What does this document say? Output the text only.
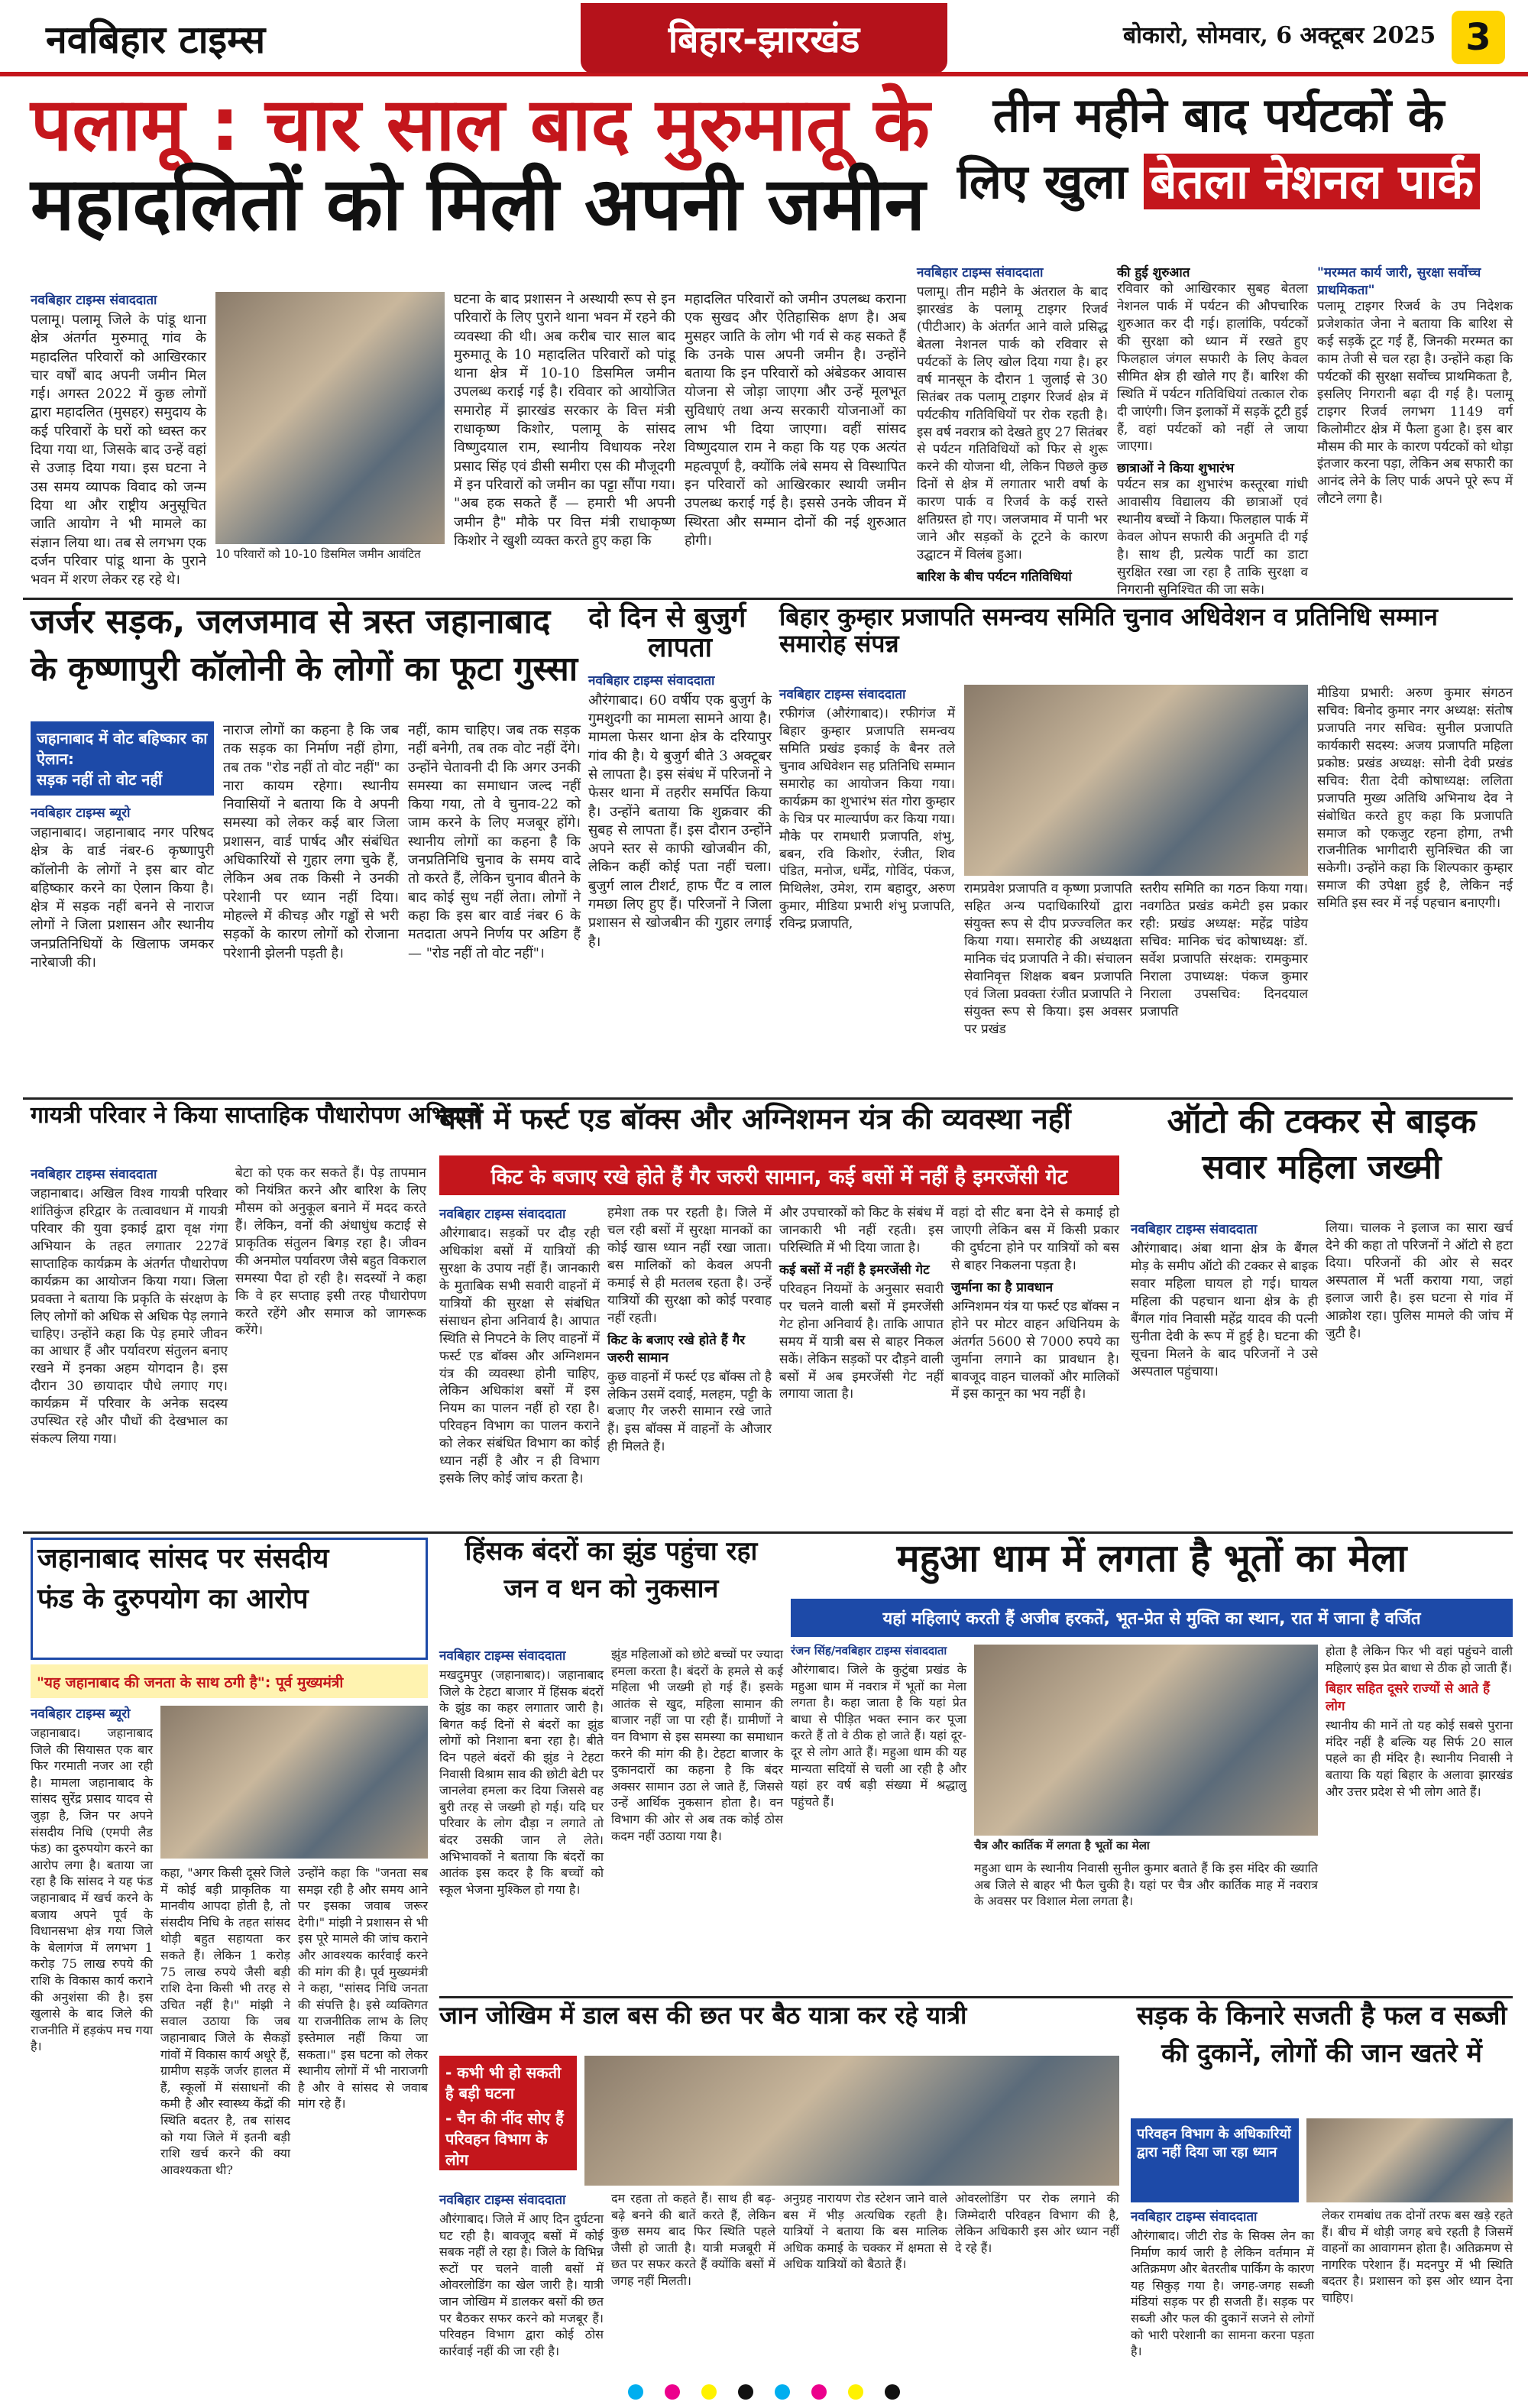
नवबिहार टाइम्स	बिहार-झारखंड	बोकारो, सोमवार, 6 अक्टूबर 2025 3
पलामू : चार साल बाद मुरुमातू के
महादलितों को मिली अपनी जमीन
नवबिहार टाइम्स संवाददाता
पलामू। पलामू जिले के पांडू थाना क्षेत्र अंतर्गत मुरुमातू गांव के महादलित परिवारों को आखिरकार चार वर्षों बाद अपनी जमीन मिल गई। अगस्त 2022 में कुछ लोगों द्वारा महादलित (मुसहर) समुदाय के कई परिवारों के घरों को ध्वस्त कर दिया गया था, जिसके बाद उन्हें वहां से उजाड़ दिया गया। इस घटना ने उस समय व्यापक विवाद को जन्म दिया था और राष्ट्रीय अनुसूचित जाति आयोग ने भी मामले का संज्ञान लिया था। तब से लगभग एक दर्जन परिवार पांडू थाना के पुराने भवन में शरण लेकर रह रहे थे।
10 परिवारों को 10-10 डिसमिल जमीन आवंटित
घटना के बाद प्रशासन ने अस्थायी रूप से इन परिवारों के लिए पुराने थाना भवन में रहने की व्यवस्था की थी। अब करीब चार साल बाद मुरुमातू के 10 महादलित परिवारों को पांडू थाना क्षेत्र में 10-10 डिसमिल जमीन उपलब्ध कराई गई है। रविवार को आयोजित समारोह में झारखंड सरकार के वित्त मंत्री राधाकृष्ण किशोर, पलामू के सांसद विष्णुदयाल राम, स्थानीय विधायक नरेश प्रसाद सिंह एवं डीसी समीरा एस की मौजूदगी में इन परिवारों को जमीन का पट्टा सौंपा गया। "अब हक सकते हैं — हमारी भी अपनी जमीन है" मौके पर वित्त मंत्री राधाकृष्ण किशोर ने खुशी व्यक्त करते हुए कहा कि
महादलित परिवारों को जमीन उपलब्ध कराना एक सुखद और ऐतिहासिक क्षण है। अब मुसहर जाति के लोग भी गर्व से कह सकते हैं कि उनके पास अपनी जमीन है। उन्होंने बताया कि इन परिवारों को अंबेडकर आवास योजना से जोड़ा जाएगा और उन्हें मूलभूत सुविधाएं तथा अन्य सरकारी योजनाओं का लाभ भी दिया जाएगा। वहीं सांसद विष्णुदयाल राम ने कहा कि यह एक अत्यंत महत्वपूर्ण है, क्योंकि लंबे समय से विस्थापित इन परिवारों को आखिरकार स्थायी जमीन उपलब्ध कराई गई है। इससे उनके जीवन में स्थिरता और सम्मान दोनों की नई शुरुआत होगी।
तीन महीने बाद पर्यटकों के
लिए खुला बेतला नेशनल पार्क
नवबिहार टाइम्स संवाददाता
पलामू। तीन महीने के अंतराल के बाद झारखंड के पलामू टाइगर रिजर्व (पीटीआर) के अंतर्गत आने वाले प्रसिद्ध बेतला नेशनल पार्क को रविवार से पर्यटकों के लिए खोल दिया गया है। हर वर्ष मानसून के दौरान 1 जुलाई से 30 सितंबर तक पलामू टाइगर रिजर्व क्षेत्र में पर्यटकीय गतिविधियों पर रोक रहती है। इस वर्ष नवरात्र को देखते हुए 27 सितंबर से पर्यटन गतिविधियों को फिर से शुरू करने की योजना थी, लेकिन पिछले कुछ दिनों से क्षेत्र में लगातार भारी वर्षा के कारण पार्क व रिजर्व के कई रास्ते क्षतिग्रस्त हो गए। जलजमाव में पानी भर जाने और सड़कों के टूटने के कारण उद्घाटन में विलंब हुआ।
बारिश के बीच पर्यटन गतिविधियां
की हुई शुरुआत
रविवार को आखिरकार सुबह बेतला नेशनल पार्क में पर्यटन की औपचारिक शुरुआत कर दी गई। हालांकि, पर्यटकों की सुरक्षा को ध्यान में रखते हुए फिलहाल जंगल सफारी के लिए केवल सीमित क्षेत्र ही खोले गए हैं। बारिश की स्थिति में पर्यटन गतिविधियां तत्काल रोक दी जाएंगी। जिन इलाकों में सड़कें टूटी हुई हैं, वहां पर्यटकों को नहीं ले जाया जाएगा।
छात्राओं ने किया शुभारंभ
पर्यटन सत्र का शुभारंभ कस्तूरबा गांधी आवासीय विद्यालय की छात्राओं एवं स्थानीय बच्चों ने किया। फिलहाल पार्क में केवल ओपन सफारी की अनुमति दी गई है। साथ ही, प्रत्येक पार्टी का डाटा सुरक्षित रखा जा रहा है ताकि सुरक्षा व निगरानी सुनिश्चित की जा सके।
"मरम्मत कार्य जारी, सुरक्षा सर्वोच्च प्राथमिकता"
पलामू टाइगर रिजर्व के उप निदेशक प्रजेशकांत जेना ने बताया कि बारिश से कई सड़कें टूट गई हैं, जिनकी मरम्मत का काम तेजी से चल रहा है। उन्होंने कहा कि पर्यटकों की सुरक्षा सर्वोच्च प्राथमिकता है, इसलिए निगरानी बढ़ा दी गई है। पलामू टाइगर रिजर्व लगभग 1149 वर्ग किलोमीटर क्षेत्र में फैला हुआ है। इस बार मौसम की मार के कारण पर्यटकों को थोड़ा इंतजार करना पड़ा, लेकिन अब सफारी का आनंद लेने के लिए पार्क अपने पूरे रूप में लौटने लगा है।
जर्जर सड़क, जलजमाव से त्रस्त जहानाबाद
के कृष्णापुरी कॉलोनी के लोगों का फूटा गुस्सा
जहानाबाद में वोट बहिष्कार का ऐलान:
सड़क नहीं तो वोट नहीं
नवबिहार टाइम्स ब्यूरो
जहानाबाद। जहानाबाद नगर परिषद क्षेत्र के वार्ड नंबर-6 कृष्णापुरी कॉलोनी के लोगों ने इस बार वोट बहिष्कार करने का ऐलान किया है। क्षेत्र में सड़क नहीं बनने से नाराज लोगों ने जिला प्रशासन और स्थानीय जनप्रतिनिधियों के खिलाफ जमकर नारेबाजी की।
नाराज लोगों का कहना है कि जब तक सड़क का निर्माण नहीं होगा, तब तक "रोड नहीं तो वोट नहीं" का नारा कायम रहेगा। स्थानीय निवासियों ने बताया कि वे अपनी समस्या को लेकर कई बार जिला प्रशासन, वार्ड पार्षद और संबंधित अधिकारियों से गुहार लगा चुके हैं, लेकिन अब तक किसी ने उनकी परेशानी पर ध्यान नहीं दिया। मोहल्ले में कीचड़ और गड्ढों से भरी सड़कों के कारण लोगों को रोजाना परेशानी झेलनी पड़ती है।
नहीं, काम चाहिए। जब तक सड़क नहीं बनेगी, तब तक वोट नहीं देंगे। उन्होंने चेतावनी दी कि अगर उनकी समस्या का समाधान जल्द नहीं किया गया, तो वे चुनाव-22 को जाम करने के लिए मजबूर होंगे। स्थानीय लोगों का कहना है कि जनप्रतिनिधि चुनाव के समय वादे तो करते हैं, लेकिन चुनाव बीतने के बाद कोई सुध नहीं लेता। लोगों ने कहा कि इस बार वार्ड नंबर 6 के मतदाता अपने निर्णय पर अडिग हैं — "रोड नहीं तो वोट नहीं"।
दो दिन से बुजुर्ग
लापता
नवबिहार टाइम्स संवाददाता
औरंगाबाद। 60 वर्षीय एक बुजुर्ग के गुमशुदगी का मामला सामने आया है। मामला फेसर थाना क्षेत्र के दरियापुर गांव की है। ये बुजुर्ग बीते 3 अक्टूबर से लापता है। इस संबंध में परिजनों ने फेसर थाना में तहरीर समर्पित किया है। उन्होंने बताया कि शुक्रवार की सुबह से लापता हैं। इस दौरान उन्होंने अपने स्तर से काफी खोजबीन की, लेकिन कहीं कोई पता नहीं चला। बुजुर्ग लाल टीशर्ट, हाफ पैंट व लाल गमछा लिए हुए हैं। परिजनों ने जिला प्रशासन से खोजबीन की गुहार लगाई है।
बिहार कुम्हार प्रजापति समन्वय समिति चुनाव अधिवेशन व प्रतिनिधि सम्मान समारोह संपन्न
नवबिहार टाइम्स संवाददाता
रफीगंज (औरंगाबाद)। रफीगंज में बिहार कुम्हार प्रजापति समन्वय समिति प्रखंड इकाई के बैनर तले चुनाव अधिवेशन सह प्रतिनिधि सम्मान समारोह का आयोजन किया गया। कार्यक्रम का शुभारंभ संत गोरा कुम्हार के चित्र पर माल्यार्पण कर किया गया। मौके पर रामधारी प्रजापति, शंभु, बबन, रवि किशोर, रंजीत, शिव पंडित, मनोज, धर्मेंद्र, गोविंद, पंकज, मिथिलेश, उमेश, राम बहादुर, अरुण कुमार, मीडिया प्रभारी शंभु प्रजापति, रविन्द्र प्रजापति,
रामप्रवेश प्रजापति व कृष्णा प्रजापति सहित अन्य पदाधिकारियों द्वारा संयुक्त रूप से दीप प्रज्ज्वलित कर किया गया। समारोह की अध्यक्षता मानिक चंद प्रजापति ने की। संचालन सेवानिवृत्त शिक्षक बबन प्रजापति एवं जिला प्रवक्ता रंजीत प्रजापति ने संयुक्त रूप से किया। इस अवसर पर प्रखंड
स्तरीय समिति का गठन किया गया। नवगठित प्रखंड कमेटी इस प्रकार रही: प्रखंड अध्यक्ष: महेंद्र पांडेय सचिव: मानिक चंद कोषाध्यक्ष: डॉ. सर्वेश प्रजापति संरक्षक: रामकुमार निराला उपाध्यक्ष: पंकज कुमार निराला उपसचिव: दिनदयाल प्रजापति
मीडिया प्रभारी: अरुण कुमार संगठन सचिव: बिनोद कुमार नगर अध्यक्ष: संतोष प्रजापति नगर सचिव: सुनील प्रजापति कार्यकारी सदस्य: अजय प्रजापति महिला प्रकोष्ठ: प्रखंड अध्यक्ष: सोनी देवी प्रखंड सचिव: रीता देवी कोषाध्यक्ष: ललिता प्रजापति मुख्य अतिथि अभिनाथ देव ने संबोधित करते हुए कहा कि प्रजापति समाज को एकजुट रहना होगा, तभी राजनीतिक भागीदारी सुनिश्चित की जा सकेगी। उन्होंने कहा कि शिल्पकार कुम्हार समाज की उपेक्षा हुई है, लेकिन नई समिति इस स्वर में नई पहचान बनाएगी।
गायत्री परिवार ने किया साप्ताहिक पौधारोपण अभियान
नवबिहार टाइम्स संवाददाता
जहानाबाद। अखिल विश्व गायत्री परिवार शांतिकुंज हरिद्वार के तत्वावधान में गायत्री परिवार की युवा इकाई द्वारा वृक्ष गंगा अभियान के तहत लगातार 227वें साप्ताहिक कार्यक्रम के अंतर्गत पौधारोपण कार्यक्रम का आयोजन किया गया। जिला प्रवक्ता ने बताया कि प्रकृति के संरक्षण के लिए लोगों को अधिक से अधिक पेड़ लगाने चाहिए। उन्होंने कहा कि पेड़ हमारे जीवन का आधार हैं और पर्यावरण संतुलन बनाए रखने में इनका अहम योगदान है। इस दौरान 30 छायादार पौधे लगाए गए। कार्यक्रम में परिवार के अनेक सदस्य उपस्थित रहे और पौधों की देखभाल का संकल्प लिया गया।
बेटा को एक कर सकते हैं। पेड़ तापमान को नियंत्रित करने और बारिश के लिए मौसम को अनुकूल बनाने में मदद करते हैं। लेकिन, वनों की अंधाधुंध कटाई से प्राकृतिक संतुलन बिगड़ रहा है। जीवन की अनमोल पर्यावरण जैसे बहुत विकराल समस्या पैदा हो रही है। सदस्यों ने कहा कि वे हर सप्ताह इसी तरह पौधारोपण करते रहेंगे और समाज को जागरूक करेंगे।
बसों में फर्स्ट एड बॉक्स और अग्निशमन यंत्र की व्यवस्था नहीं
किट के बजाए रखे होते हैं गैर जरुरी सामान, कई बसों में नहीं है इमरजेंसी गेट
नवबिहार टाइम्स संवाददाता
औरंगाबाद। सड़कों पर दौड़ रही अधिकांश बसों में यात्रियों की सुरक्षा के उपाय नहीं हैं। जानकारी के मुताबिक सभी सवारी वाहनों में यात्रियों की सुरक्षा से संबंधित संसाधन होना अनिवार्य है। आपात स्थिति से निपटने के लिए वाहनों में फर्स्ट एड बॉक्स और अग्निशमन यंत्र की व्यवस्था होनी चाहिए, लेकिन अधिकांश बसों में इस नियम का पालन नहीं हो रहा है। परिवहन विभाग का पालन कराने को लेकर संबंधित विभाग का कोई ध्यान नहीं है और न ही विभाग इसके लिए कोई जांच करता है।
हमेशा तक पर रहती है। जिले में चल रही बसों में सुरक्षा मानकों का कोई खास ध्यान नहीं रखा जाता। बस मालिकों को केवल अपनी कमाई से ही मतलब रहता है। उन्हें यात्रियों की सुरक्षा को कोई परवाह नहीं रहती।
किट के बजाए रखे होते हैं गैर जरुरी सामान
कुछ वाहनों में फर्स्ट एड बॉक्स तो है लेकिन उसमें दवाई, मलहम, पट्टी के बजाए गैर जरुरी सामान रखे जाते हैं। इस बॉक्स में वाहनों के औजार ही मिलते हैं।
और उपचारकों को किट के संबंध में जानकारी भी नहीं रहती। इस परिस्थिति में भी दिया जाता है।
कई बसों में नहीं है इमरजेंसी गेट
परिवहन नियमों के अनुसार सवारी पर चलने वाली बसों में इमरजेंसी गेट होना अनिवार्य है। ताकि आपात समय में यात्री बस से बाहर निकल सकें। लेकिन सड़कों पर दौड़ने वाली बसों में अब इमरजेंसी गेट नहीं लगाया जाता है।
वहां दो सीट बना देने से कमाई हो जाएगी लेकिन बस में किसी प्रकार की दुर्घटना होने पर यात्रियों को बस से बाहर निकलना पड़ता है।
जुर्माना का है प्रावधान
अग्निशमन यंत्र या फर्स्ट एड बॉक्स न होने पर मोटर वाहन अधिनियम के अंतर्गत 5600 से 7000 रुपये का जुर्माना लगाने का प्रावधान है। बावजूद वाहन चालकों और मालिकों में इस कानून का भय नहीं है।
ऑटो की टक्कर से बाइक
सवार महिला जख्मी
नवबिहार टाइम्स संवाददाता
औरंगाबाद। अंबा थाना क्षेत्र के बैंगल मोड़ के समीप ऑटो की टक्कर से बाइक सवार महिला घायल हो गई। घायल महिला की पहचान थाना क्षेत्र के ही बैंगल गांव निवासी महेंद्र यादव की पत्नी सुनीता देवी के रूप में हुई है। घटना की सूचना मिलने के बाद परिजनों ने उसे अस्पताल पहुंचाया।
लिया। चालक ने इलाज का सारा खर्च देने की कहा तो परिजनों ने ऑटो से हटा दिया। परिजनों की ओर से सदर अस्पताल में भर्ती कराया गया, जहां इलाज जारी है। इस घटना से गांव में आक्रोश रहा। पुलिस मामले की जांच में जुटी है।
जहानाबाद सांसद पर संसदीय
फंड के दुरुपयोग का आरोप
"यह जहानाबाद की जनता के साथ ठगी है": पूर्व मुख्यमंत्री
नवबिहार टाइम्स ब्यूरो
जहानाबाद। जहानाबाद जिले की सियासत एक बार फिर गरमाती नजर आ रही है। मामला जहानाबाद के सांसद सुरेंद्र प्रसाद यादव से जुड़ा है, जिन पर अपने संसदीय निधि (एमपी लैड फंड) का दुरुपयोग करने का आरोप लगा है। बताया जा रहा है कि सांसद ने यह फंड जहानाबाद में खर्च करने के बजाय अपने पूर्व के विधानसभा क्षेत्र गया जिले के बेलागंज में लगभग 1 करोड़ 75 लाख रुपये की राशि के विकास कार्य कराने की अनुशंसा की है। इस खुलासे के बाद जिले की राजनीति में हड़कंप मच गया है।
कहा, "अगर किसी दूसरे जिले में कोई बड़ी प्राकृतिक या मानवीय आपदा होती है, तो संसदीय निधि के तहत सांसद थोड़ी बहुत सहायता कर सकते हैं। लेकिन 1 करोड़ 75 लाख रुपये जैसी बड़ी राशि देना किसी भी तरह से उचित नहीं है।" मांझी ने सवाल उठाया कि जब जहानाबाद जिले के सैकड़ों गांवों में विकास कार्य अधूरे हैं, ग्रामीण सड़कें जर्जर हालत में हैं, स्कूलों में संसाधनों की कमी है और स्वास्थ्य केंद्रों की स्थिति बदतर है, तब सांसद को गया जिले में इतनी बड़ी राशि खर्च करने की क्या आवश्यकता थी?
उन्होंने कहा कि "जनता सब समझ रही है और समय आने पर इसका जवाब जरूर देगी।" मांझी ने प्रशासन से भी इस पूरे मामले की जांच कराने और आवश्यक कार्रवाई करने की मांग की है। पूर्व मुख्यमंत्री ने कहा, "सांसद निधि जनता की संपत्ति है। इसे व्यक्तिगत या राजनीतिक लाभ के लिए इस्तेमाल नहीं किया जा सकता।" इस घटना को लेकर स्थानीय लोगों में भी नाराजगी है और वे सांसद से जवाब मांग रहे हैं।
हिंसक बंदरों का झुंड पहुंचा रहा
जन व धन को नुकसान
नवबिहार टाइम्स संवाददाता
मखदुमपुर (जहानाबाद)। जहानाबाद जिले के टेहटा बाजार में हिंसक बंदरों के झुंड का कहर लगातार जारी है। बिगत कई दिनों से बंदरों का झुंड लोगों को निशाना बना रहा है। बीते दिन पहले बंदरों की झुंड ने टेहटा निवासी विश्राम साव की छोटी बेटी पर जानलेवा हमला कर दिया जिससे वह बुरी तरह से जख्मी हो गई। यदि घर परिवार के लोग दौड़ा न लगाते तो बंदर उसकी जान ले लेते। अभिभावकों ने बताया कि बंदरों का आतंक इस कदर है कि बच्चों को स्कूल भेजना मुश्किल हो गया है।
झुंड महिलाओं को छोटे बच्चों पर ज्यादा हमला करता है। बंदरों के हमले से कई महिला भी जख्मी हो गई हैं। इसके आतंक से खुद, महिला सामान की बाजार नहीं जा पा रही हैं। ग्रामीणों ने वन विभाग से इस समस्या का समाधान करने की मांग की है। टेहटा बाजार के दुकानदारों का कहना है कि बंदर अक्सर सामान उठा ले जाते हैं, जिससे उन्हें आर्थिक नुकसान होता है। वन विभाग की ओर से अब तक कोई ठोस कदम नहीं उठाया गया है।
महुआ धाम में लगता है भूतों का मेला
यहां महिलाएं करती हैं अजीब हरकतें, भूत-प्रेत से मुक्ति का स्थान, रात में जाना है वर्जित
रंजन सिंह/नवबिहार टाइम्स संवाददाता
औरंगाबाद। जिले के कुटुंबा प्रखंड के महुआ धाम में नवरात्र में भूतों का मेला लगता है। कहा जाता है कि यहां प्रेत बाधा से पीड़ित भक्त स्नान कर पूजा करते हैं तो वे ठीक हो जाते हैं। यहां दूर-दूर से लोग आते हैं। महुआ धाम की यह मान्यता सदियों से चली आ रही है और यहां हर वर्ष बड़ी संख्या में श्रद्धालु पहुंचते हैं।
चैत्र और कार्तिक में लगता है भूतों का मेला
महुआ धाम के स्थानीय निवासी सुनील कुमार बताते हैं कि इस मंदिर की ख्याति अब जिले से बाहर भी फैल चुकी है। यहां पर चैत्र और कार्तिक माह में नवरात्र के अवसर पर विशाल मेला लगता है।
होता है लेकिन फिर भी वहां पहुंचने वाली महिलाएं इस प्रेत बाधा से ठीक हो जाती हैं।
बिहार सहित दूसरे राज्यों से आते हैं लोग
स्थानीय की मानें तो यह कोई सबसे पुराना मंदिर नहीं है बल्कि यह सिर्फ 20 साल पहले का ही मंदिर है। स्थानीय निवासी ने बताया कि यहां बिहार के अलावा झारखंड और उत्तर प्रदेश से भी लोग आते हैं।
जान जोखिम में डाल बस की छत पर बैठ यात्रा कर रहे यात्री
- कभी भी हो सकती है बड़ी घटना
- चैन की नींद सोए हैं परिवहन विभाग के लोग
नवबिहार टाइम्स संवाददाता
औरंगाबाद। जिले में आए दिन दुर्घटना घट रही है। बावजूद बसों में कोई सबक नहीं ले रहा है। जिले के विभिन्न रूटों पर चलने वाली बसों में ओवरलोडिंग का खेल जारी है। यात्री जान जोखिम में डालकर बसों की छत पर बैठकर सफर करने को मजबूर हैं। परिवहन विभाग द्वारा कोई ठोस कार्रवाई नहीं की जा रही है।
दम रहता तो कहते हैं। साथ ही बढ़-बढ़े बनने की बातें करते हैं, लेकिन कुछ समय बाद फिर स्थिति पहले जैसी हो जाती है। यात्री मजबूरी में छत पर सफर करते हैं क्योंकि बसों में जगह नहीं मिलती।
अनुग्रह नारायण रोड स्टेशन जाने वाले बस में भीड़ अत्यधिक रहती है। यात्रियों ने बताया कि बस मालिक अधिक कमाई के चक्कर में क्षमता से अधिक यात्रियों को बैठाते हैं।
ओवरलोडिंग पर रोक लगाने की जिम्मेदारी परिवहन विभाग की है, लेकिन अधिकारी इस ओर ध्यान नहीं दे रहे हैं।
सड़क के किनारे सजती है फल व सब्जी
की दुकानें, लोगों की जान खतरे में
परिवहन विभाग के अधिकारियों द्वारा नहीं दिया जा रहा ध्यान
नवबिहार टाइम्स संवाददाता
औरंगाबाद। जीटी रोड के सिक्स लेन का निर्माण कार्य जारी है लेकिन वर्तमान में अतिक्रमण और बेतरतीब पार्किंग के कारण यह सिकुड़ गया है। जगह-जगह सब्जी मंडियां सड़क पर ही सजती हैं। सड़क पर सब्जी और फल की दुकानें सजने से लोगों को भारी परेशानी का सामना करना पड़ता है।
लेकर रामबांध तक दोनों तरफ बस खड़े रहते हैं। बीच में थोड़ी जगह बचे रहती है जिसमें वाहनों का आवागमन होता है। अतिक्रमण से नागरिक परेशान हैं। मदनपुर में भी स्थिति बदतर है। प्रशासन को इस ओर ध्यान देना चाहिए।
